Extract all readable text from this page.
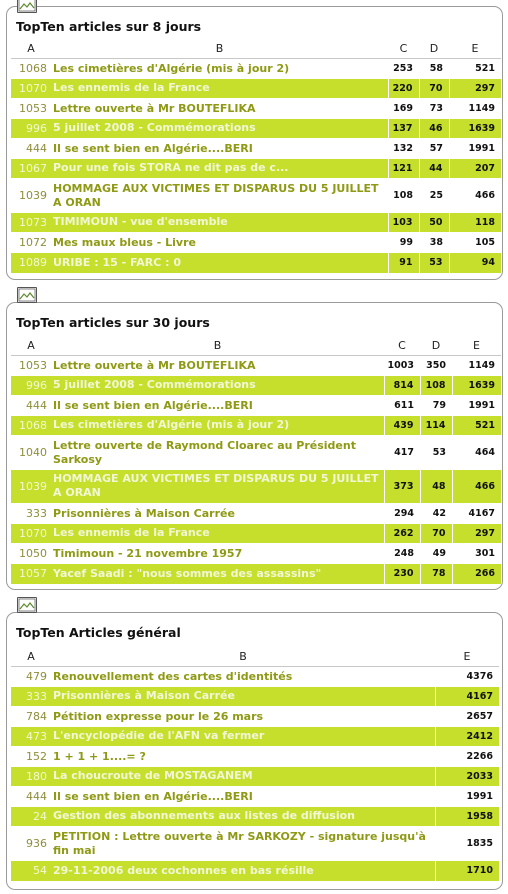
TopTen articles sur 8 jours
A	B	C	D	E
1068	Les cimetières d'Algérie (mis à jour 2)	253	58	521
1070	Les ennemis de la France	220	70	297
1053	Lettre ouverte à Mr BOUTEFLIKA	169	73	1149
996	5 juillet 2008 - Commémorations	137	46	1639
444	Il se sent bien en Algérie....BERI	132	57	1991
1067	Pour une fois STORA ne dit pas de c...	121	44	207
1039	HOMMAGE AUX VICTIMES ET DISPARUS DU 5 JUILLET A ORAN	108	25	466
1073	TIMIMOUN - vue d'ensemble	103	50	118
1072	Mes maux bleus - Livre	99	38	105
1089	URIBE : 15 - FARC : 0	91	53	94
TopTen articles sur 30 jours
A	B	C	D	E
1053	Lettre ouverte à Mr BOUTEFLIKA	1003	350	1149
996	5 juillet 2008 - Commémorations	814	108	1639
444	Il se sent bien en Algérie....BERI	611	79	1991
1068	Les cimetières d'Algérie (mis à jour 2)	439	114	521
1040	Lettre ouverte de Raymond Cloarec au Président Sarkosy	417	53	464
1039	HOMMAGE AUX VICTIMES ET DISPARUS DU 5 JUILLET A ORAN	373	48	466
333	Prisonnières à Maison Carrée	294	42	4167
1070	Les ennemis de la France	262	70	297
1050	Timimoun - 21 novembre 1957	248	49	301
1057	Yacef Saadi : "nous sommes des assassins"	230	78	266
TopTen Articles général
A	B	E
479	Renouvellement des cartes d'identités	4376
333	Prisonnières à Maison Carrée	4167
784	Pétition expresse pour le 26 mars	2657
473	L'encyclopédie de l'AFN va fermer	2412
152	1 + 1 + 1....= ?	2266
180	La choucroute de MOSTAGANEM	2033
444	Il se sent bien en Algérie....BERI	1991
24	Gestion des abonnements aux listes de diffusion	1958
936	PETITION : Lettre ouverte à Mr SARKOZY - signature jusqu'à fin mai	1835
54	29-11-2006 deux cochonnes en bas résille	1710
